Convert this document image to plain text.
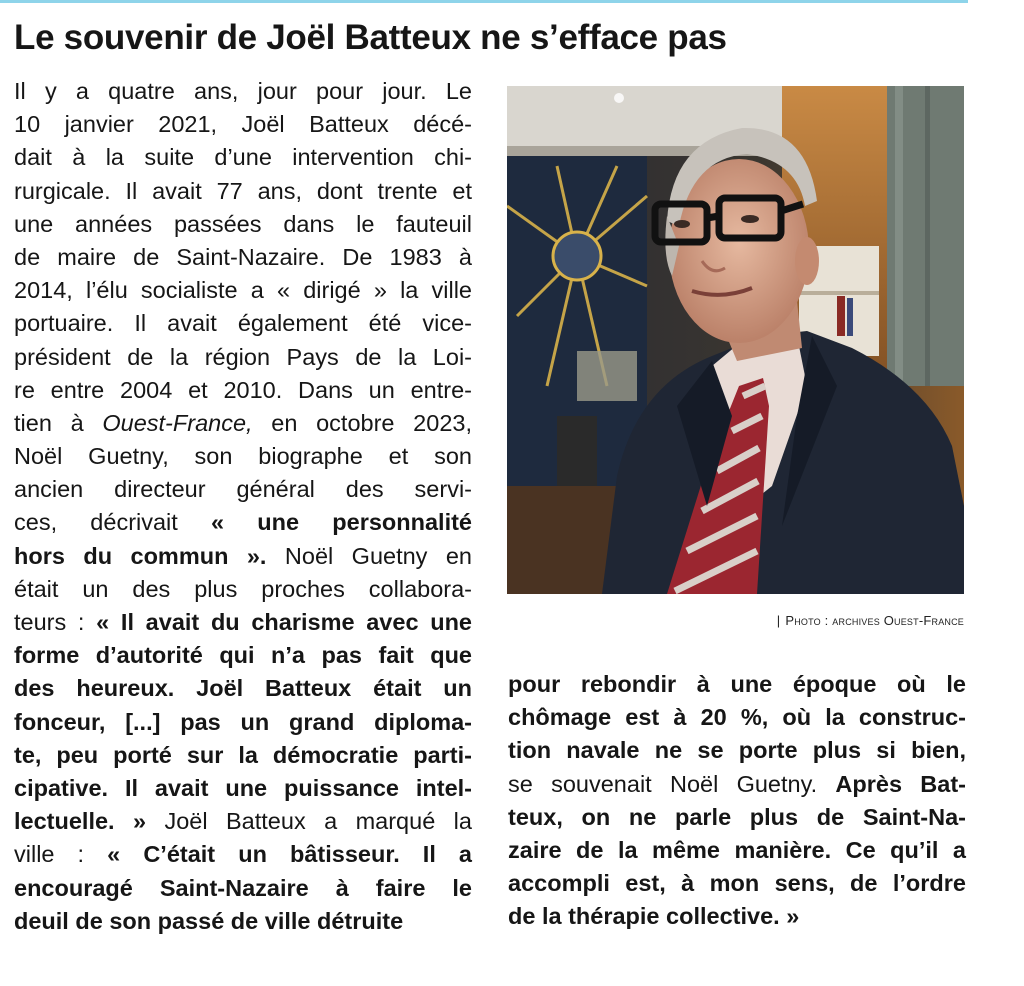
Le souvenir de Joël Batteux ne s’efface pas
Il y a quatre ans, jour pour jour. Le
10 janvier 2021, Joël Batteux décé-
dait à la suite d’une intervention chi-
rurgicale. Il avait 77 ans, dont trente et
une années passées dans le fauteuil
de maire de Saint-Nazaire. De 1983 à
2014, l’élu socialiste a « dirigé » la ville
portuaire. Il avait également été vice-
président de la région Pays de la Loi-
re entre 2004 et 2010. Dans un entre-
tien à Ouest-France, en octobre 2023,
Noël Guetny, son biographe et son
ancien directeur général des servi-
ces, décrivait « une personnalité
hors du commun ». Noël Guetny en
était un des plus proches collabora-
teurs : « Il avait du charisme avec une
forme d’autorité qui n’a pas fait que
des heureux. Joël Batteux était un
fonceur, [...] pas un grand diploma-
te, peu porté sur la démocratie parti-
cipative. Il avait une puissance intel-
lectuelle. » Joël Batteux a marqué la
ville : « C’était un bâtisseur. Il a
encouragé Saint-Nazaire à faire le
deuil de son passé de ville détruite
| Photo : archives Ouest-France
pour rebondir à une époque où le
chômage est à 20 %, où la construc-
tion navale ne se porte plus si bien,
se souvenait Noël Guetny. Après Bat-
teux, on ne parle plus de Saint-Na-
zaire de la même manière. Ce qu’il a
accompli est, à mon sens, de l’ordre
de la thérapie collective. »
